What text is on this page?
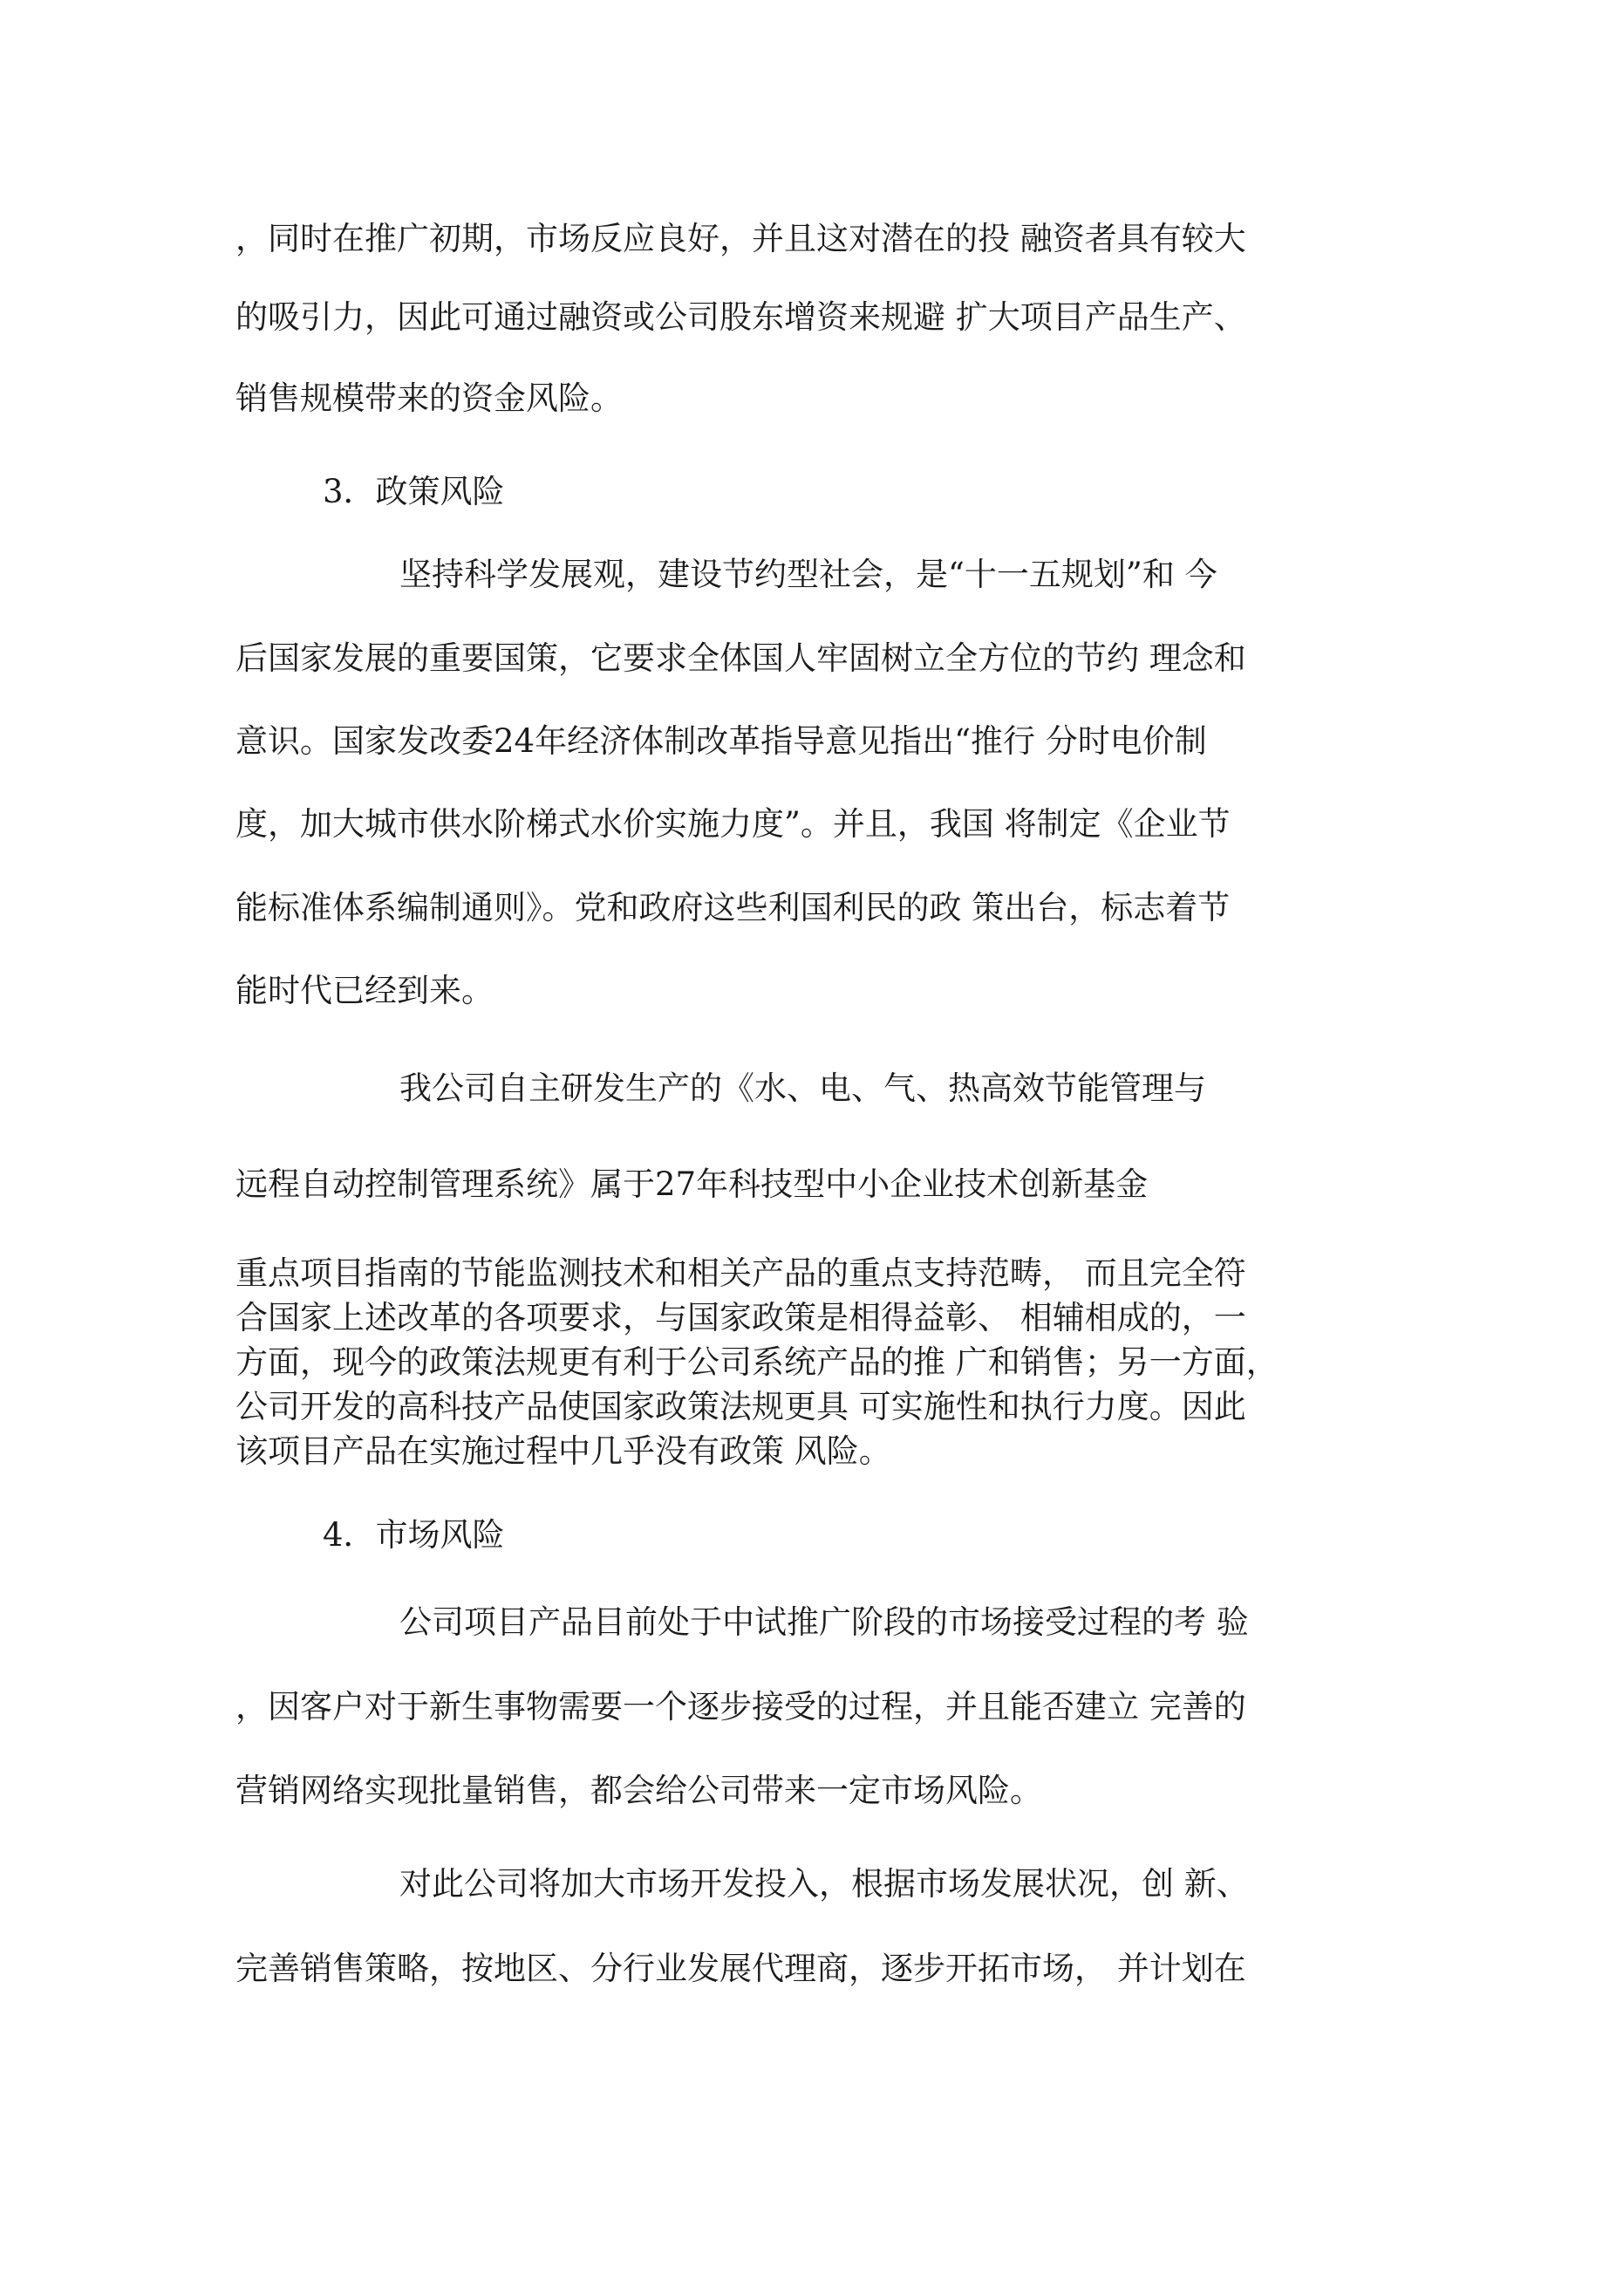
，同时在推广初期，市场反应良好，并且这对潜在的投 融资者具有较大

的吸引力，因此可通过融资或公司股东增资来规避 扩大项目产品生产、

销售规模带来的资金风险。

3．政策风险

坚持科学发展观，建设节约型社会，是“十一五规划”和 今

后国家发展的重要国策，它要求全体国人牢固树立全方位的节约 理念和

意识。国家发改委24年经济体制改革指导意见指出“推行 分时电价制

度，加大城市供水阶梯式水价实施力度”。并且，我国 将制定《企业节

能标准体系编制通则》。党和政府这些利国利民的政 策出台，标志着节

能时代已经到来。

我公司自主研发生产的《水、电、气、热高效节能管理与

远程自动控制管理系统》属于27年科技型中小企业技术创新基金

重点项目指南的节能监测技术和相关产品的重点支持范畴， 而且完全符

合国家上述改革的各项要求，与国家政策是相得益彰、 相辅相成的，一

方面，现今的政策法规更有利于公司系统产品的推 广和销售；另一方面，

公司开发的高科技产品使国家政策法规更具 可实施性和执行力度。因此

该项目产品在实施过程中几乎没有政策 风险。

4．市场风险

公司项目产品目前处于中试推广阶段的市场接受过程的考 验

，因客户对于新生事物需要一个逐步接受的过程，并且能否建立 完善的

营销网络实现批量销售，都会给公司带来一定市场风险。

对此公司将加大市场开发投入，根据市场发展状况，创 新、

完善销售策略，按地区、分行业发展代理商，逐步开拓市场， 并计划在
